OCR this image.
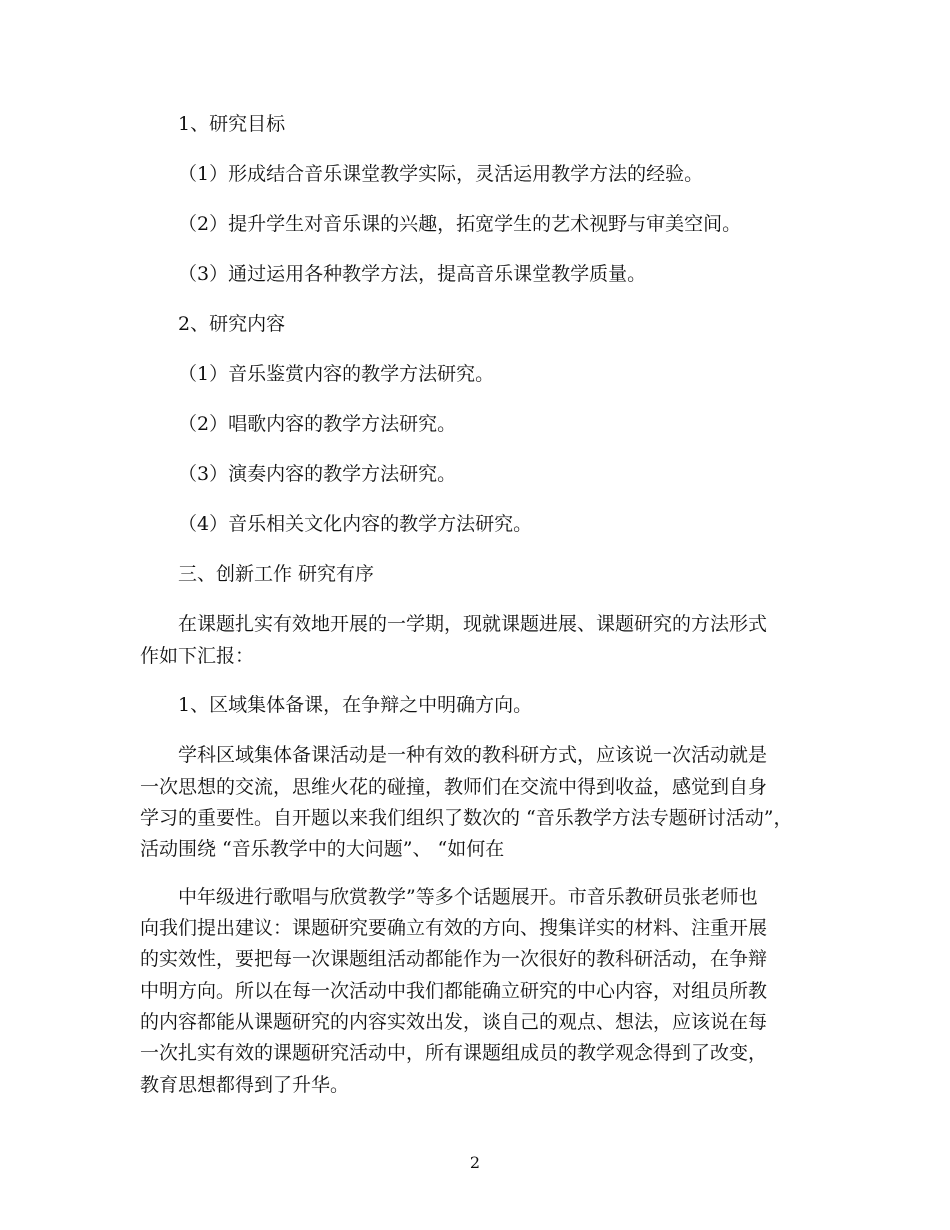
1、研究目标
（1）形成结合音乐课堂教学实际，灵活运用教学方法的经验。
（2）提升学生对音乐课的兴趣，拓宽学生的艺术视野与审美空间。
（3）通过运用各种教学方法，提高音乐课堂教学质量。
2、研究内容
（1）音乐鉴赏内容的教学方法研究。
（2）唱歌内容的教学方法研究。
（3）演奏内容的教学方法研究。
（4）音乐相关文化内容的教学方法研究。
三、创新工作 研究有序
在课题扎实有效地开展的一学期，现就课题进展、课题研究的方法形式
作如下汇报：
1、区域集体备课，在争辩之中明确方向。
学科区域集体备课活动是一种有效的教科研方式，应该说一次活动就是
一次思想的交流，思维火花的碰撞，教师们在交流中得到收益，感觉到自身
学习的重要性。自开题以来我们组织了数次的 “音乐教学方法专题研讨活动”，
活动围绕 “音乐教学中的大问题”、 “如何在
中年级进行歌唱与欣赏教学”等多个话题展开。市音乐教研员张老师也
向我们提出建议：课题研究要确立有效的方向、搜集详实的材料、注重开展
的实效性，要把每一次课题组活动都能作为一次很好的教科研活动，在争辩
中明方向。所以在每一次活动中我们都能确立研究的中心内容，对组员所教
的内容都能从课题研究的内容实效出发，谈自己的观点、想法，应该说在每
一次扎实有效的课题研究活动中，所有课题组成员的教学观念得到了改变，
教育思想都得到了升华。
2
